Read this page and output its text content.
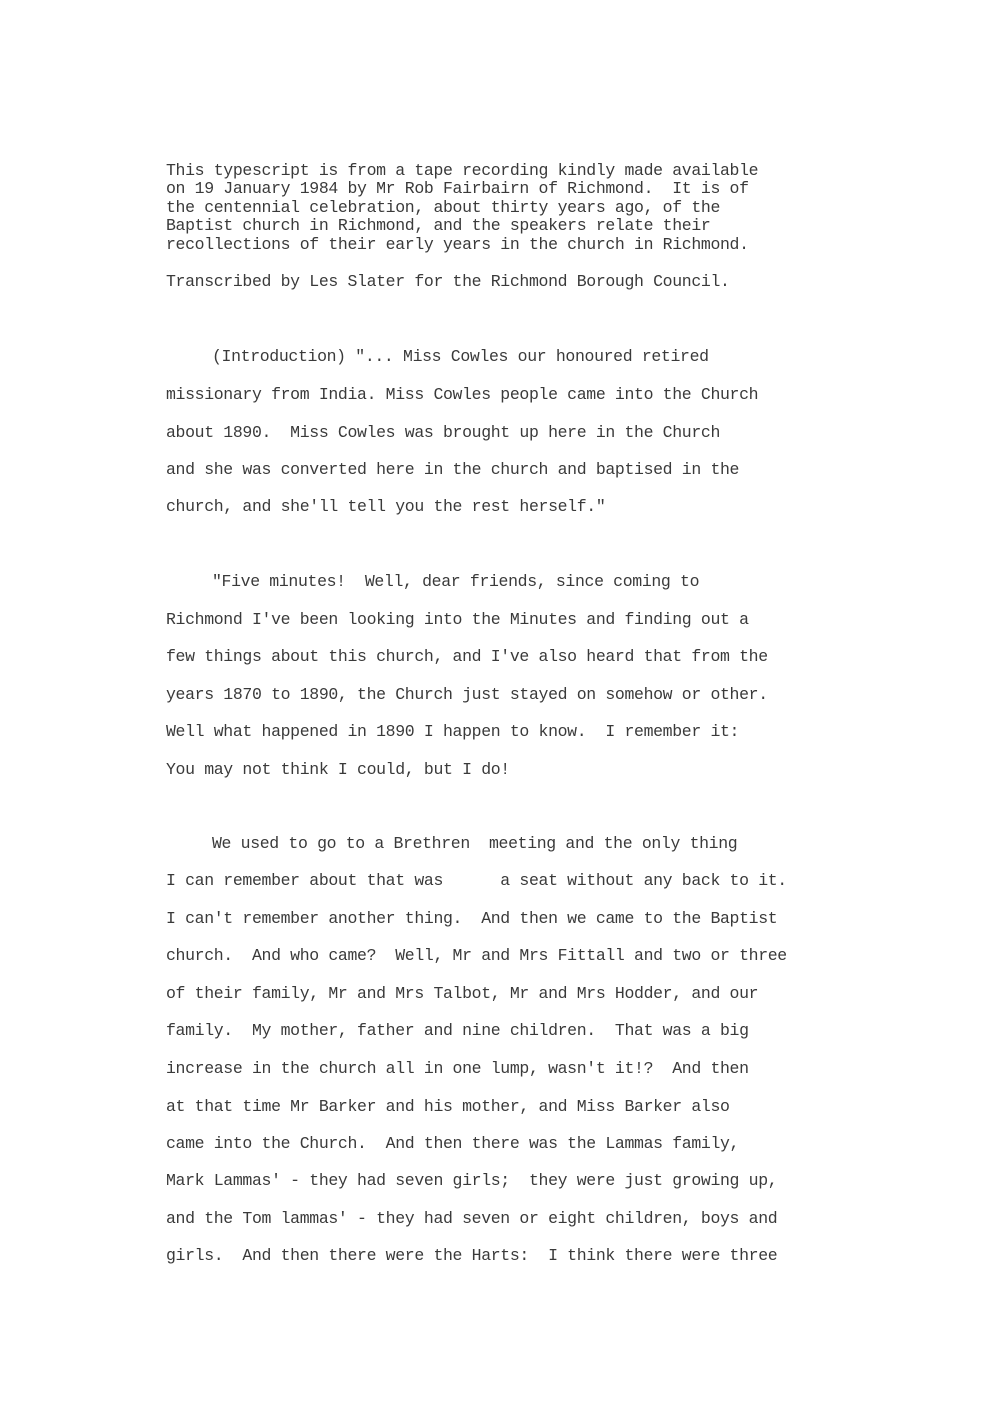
This typescript is from a tape recording kindly made available
on 19 January 1984 by Mr Rob Fairbairn of Richmond.  It is of
the centennial celebration, about thirty years ago, of the
Baptist church in Richmond, and the speakers relate their
recollections of their early years in the church in Richmond.
Transcribed by Les Slater for the Richmond Borough Council.
(Introduction) "... Miss Cowles our honoured retired
missionary from India. Miss Cowles people came into the Church
about 1890.  Miss Cowles was brought up here in the Church
and she was converted here in the church and baptised in the
church, and she'll tell you the rest herself."
"Five minutes!  Well, dear friends, since coming to
Richmond I've been looking into the Minutes and finding out a
few things about this church, and I've also heard that from the
years 1870 to 1890, the Church just stayed on somehow or other.
Well what happened in 1890 I happen to know.  I remember it:
You may not think I could, but I do!
We used to go to a Brethren  meeting and the only thing
I can remember about that was      a seat without any back to it.
I can't remember another thing.  And then we came to the Baptist
church.  And who came?  Well, Mr and Mrs Fittall and two or three
of their family, Mr and Mrs Talbot, Mr and Mrs Hodder, and our
family.  My mother, father and nine children.  That was a big
increase in the church all in one lump, wasn't it!?  And then
at that time Mr Barker and his mother, and Miss Barker also
came into the Church.  And then there was the Lammas family,
Mark Lammas' - they had seven girls;  they were just growing up,
and the Tom lammas' - they had seven or eight children, boys and
girls.  And then there were the Harts:  I think there were three
